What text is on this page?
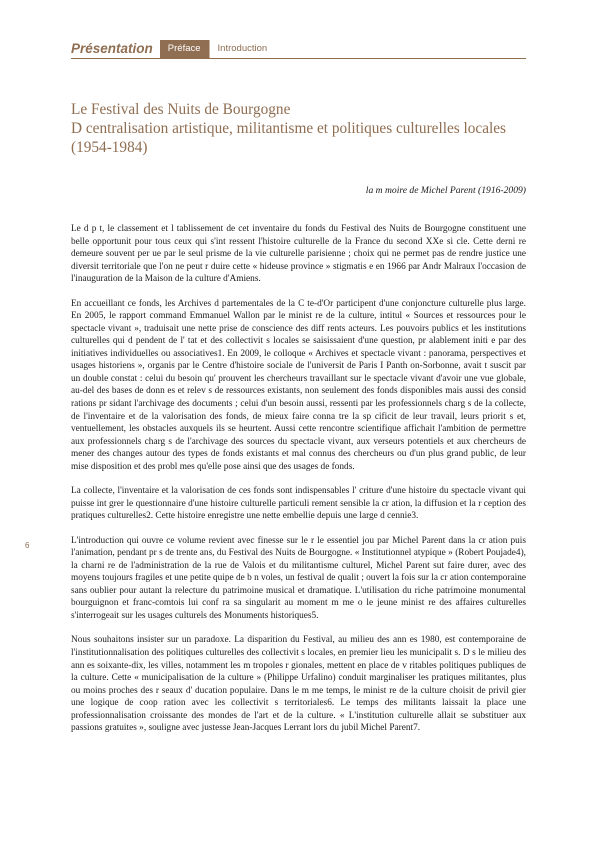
Présentation	Préface	Introduction
Le Festival des Nuits de Bourgogne
D centralisation artistique, militantisme et politiques culturelles locales
(1954-1984)
la m moire de Michel Parent (1916-2009)

Le d p t, le classement et l tablissement de cet inventaire du fonds du Festival des Nuits de Bourgogne constituent une belle opportunit pour tous ceux qui s'int ressent l'histoire culturelle de la France du second XXe si cle. Cette derni re demeure souvent per ue par le seul prisme de la vie culturelle parisienne ; choix qui ne permet pas de rendre justice une diversit territoriale que l'on ne peut r duire cette « hideuse province » stigmatis e en 1966 par Andr Malraux l'occasion de l'inauguration de la Maison de la culture d'Amiens.

En accueillant ce fonds, les Archives d partementales de la C te-d'Or participent d'une conjoncture culturelle plus large. En 2005, le rapport command Emmanuel Wallon par le minist re de la culture, intitul « Sources et ressources pour le spectacle vivant », traduisait une nette prise de conscience des diff rents acteurs. Les pouvoirs publics et les institutions culturelles qui d pendent de l' tat et des collectivit s locales se saisissaient d'une question, pr alablement initi e par des initiatives individuelles ou associatives1. En 2009, le colloque « Archives et spectacle vivant : panorama, perspectives et usages historiens », organis par le Centre d'histoire sociale de l'universit de Paris I Panth on-Sorbonne, avait t suscit par un double constat : celui du besoin qu' prouvent les chercheurs travaillant sur le spectacle vivant d'avoir une vue globale, au-del des bases de donn es et relev s de ressources existants, non seulement des fonds disponibles mais aussi des consid rations pr sidant l'archivage des documents ; celui d'un besoin aussi, ressenti par les professionnels charg s de la collecte, de l'inventaire et de la valorisation des fonds, de mieux faire conna tre la sp cificit de leur travail, leurs priorit s et, ventuellement, les obstacles auxquels ils se heurtent. Aussi cette rencontre scientifique affichait l'ambition de permettre aux professionnels charg s de l'archivage des sources du spectacle vivant, aux verseurs potentiels et aux chercheurs de mener des changes autour des types de fonds existants et mal connus des chercheurs ou d'un plus grand public, de leur mise disposition et des probl mes qu'elle pose ainsi que des usages de fonds.

La collecte, l'inventaire et la valorisation de ces fonds sont indispensables l' criture d'une histoire du spectacle vivant qui puisse int grer le questionnaire d'une histoire culturelle particuli rement sensible la cr ation, la diffusion et la r ception des pratiques culturelles2. Cette histoire enregistre une nette embellie depuis une large d cennie3.

L'introduction qui ouvre ce volume revient avec finesse sur le r le essentiel jou par Michel Parent dans la cr ation puis l'animation, pendant pr s de trente ans, du Festival des Nuits de Bourgogne. « Institutionnel atypique » (Robert Poujade4), la charni re de l'administration de la rue de Valois et du militantisme culturel, Michel Parent sut faire durer, avec des moyens toujours fragiles et une petite quipe de b n voles, un festival de qualit ; ouvert la fois sur la cr ation contemporaine sans oublier pour autant la relecture du patrimoine musical et dramatique. L'utilisation du riche patrimoine monumental bourguignon et franc-comtois lui conf ra sa singularit au moment m me o le jeune minist re des affaires culturelles s'interrogeait sur les usages culturels des Monuments historiques5.

Nous souhaitons insister sur un paradoxe. La disparition du Festival, au milieu des ann es 1980, est contemporaine de l'institutionnalisation des politiques culturelles des collectivit s locales, en premier lieu les municipalit s. D s le milieu des ann es soixante-dix, les villes, notamment les m tropoles r gionales, mettent en place de v ritables politiques publiques de la culture. Cette « municipalisation de la culture » (Philippe Urfalino) conduit marginaliser les pratiques militantes, plus ou moins proches des r seaux d' ducation populaire. Dans le m me temps, le minist re de la culture choisit de privil gier une logique de coop ration avec les collectivit s territoriales6. Le temps des militants laissait la place une professionnalisation croissante des mondes de l'art et de la culture. « L'institution culturelle allait se substituer aux passions gratuites », souligne avec justesse Jean-Jacques Lerrant lors du jubil Michel Parent7.

6
